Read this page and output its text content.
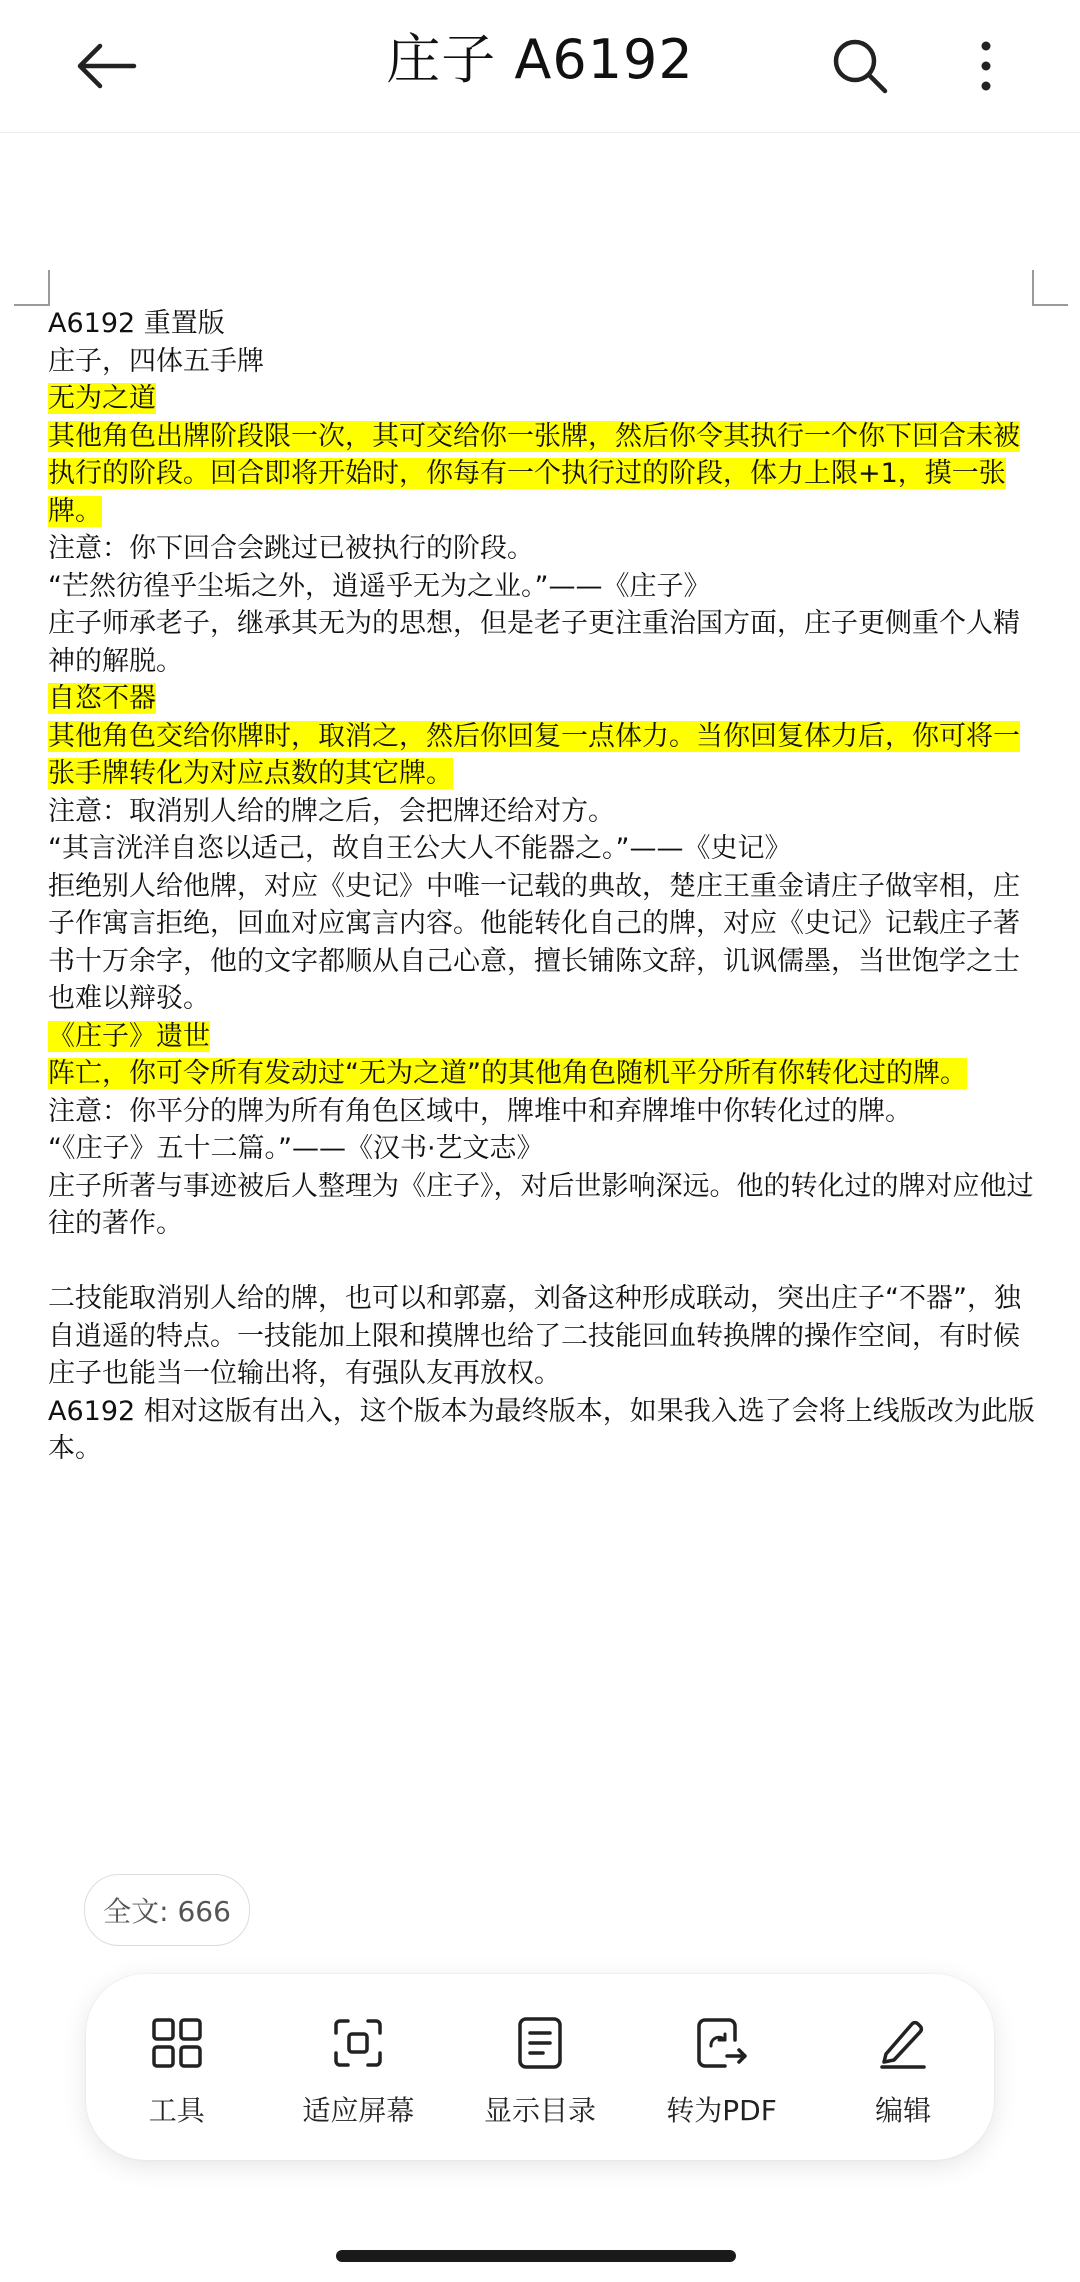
庄子 A6192

A6192 重置版

庄子，四体五手牌

无为之道

其他角色出牌阶段限一次，其可交给你一张牌，然后你令其执行一个你下回合未被执行的阶段。回合即将开始时，你每有一个执行过的阶段，体力上限+1，摸一张牌。

注意：你下回合会跳过已被执行的阶段。

“芒然彷徨乎尘垢之外，逍遥乎无为之业。”——《庄子》

庄子师承老子，继承其无为的思想，但是老子更注重治国方面，庄子更侧重个人精神的解脱。

自恣不器

其他角色交给你牌时，取消之，然后你回复一点体力。当你回复体力后，你可将一张手牌转化为对应点数的其它牌。

注意：取消别人给的牌之后，会把牌还给对方。

“其言洸洋自恣以适己，故自王公大人不能器之。”——《史记》

拒绝别人给他牌，对应《史记》中唯一记载的典故，楚庄王重金请庄子做宰相，庄子作寓言拒绝，回血对应寓言内容。他能转化自己的牌，对应《史记》记载庄子著书十万余字，他的文字都顺从自己心意，擅长铺陈文辞，讥讽儒墨，当世饱学之士也难以辩驳。

《庄子》遗世

阵亡，你可令所有发动过“无为之道”的其他角色随机平分所有你转化过的牌。

注意：你平分的牌为所有角色区域中，牌堆中和弃牌堆中你转化过的牌。

“《庄子》五十二篇。”——《汉书·艺文志》

庄子所著与事迹被后人整理为《庄子》，对后世影响深远。他的转化过的牌对应他过往的著作。

二技能取消别人给的牌，也可以和郭嘉，刘备这种形成联动，突出庄子“不器”，独自逍遥的特点。一技能加上限和摸牌也给了二技能回血转换牌的操作空间，有时候庄子也能当一位输出将，有强队友再放权。

A6192 相对这版有出入，这个版本为最终版本，如果我入选了会将上线版改为此版本。

全文: 666
工具	适应屏幕 显示目录	转为PDF	编辑
